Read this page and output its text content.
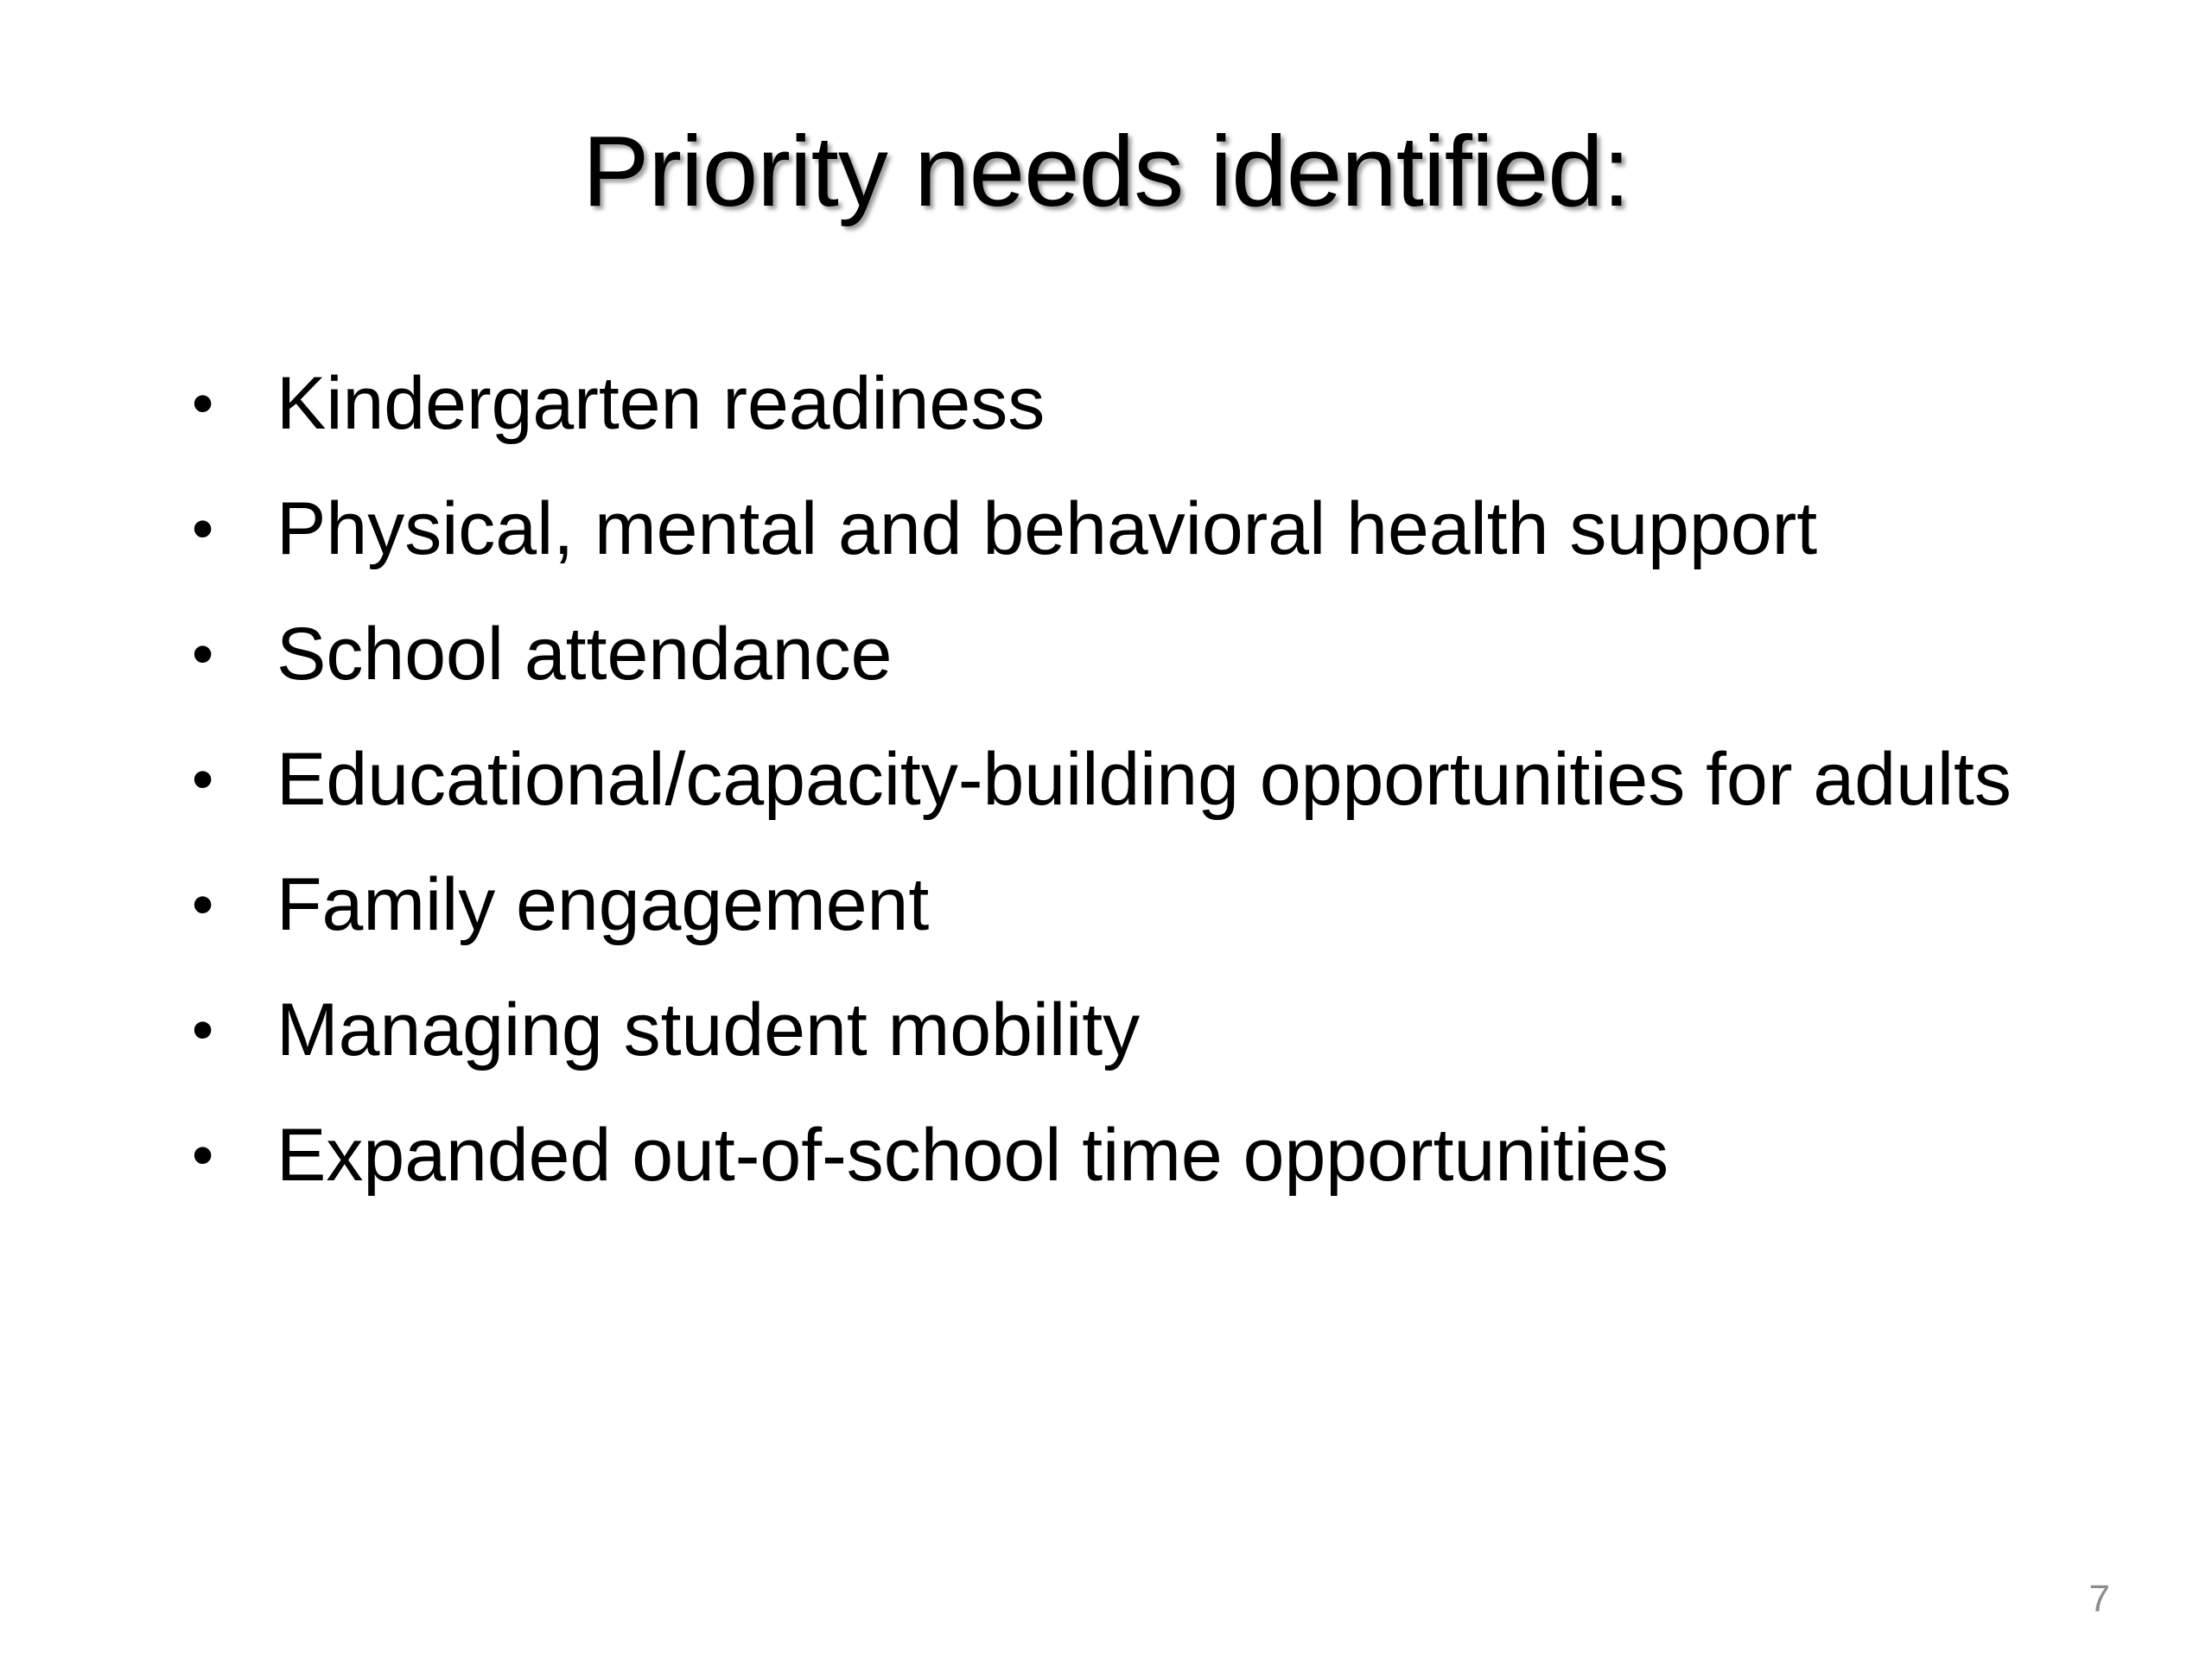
Priority needs identified:
• Kindergarten readiness
• Physical, mental and behavioral health support
• School attendance
• Educational/capacity-building opportunities for adults
• Family engagement
• Managing student mobility
• Expanded out-of-school time opportunities
7
